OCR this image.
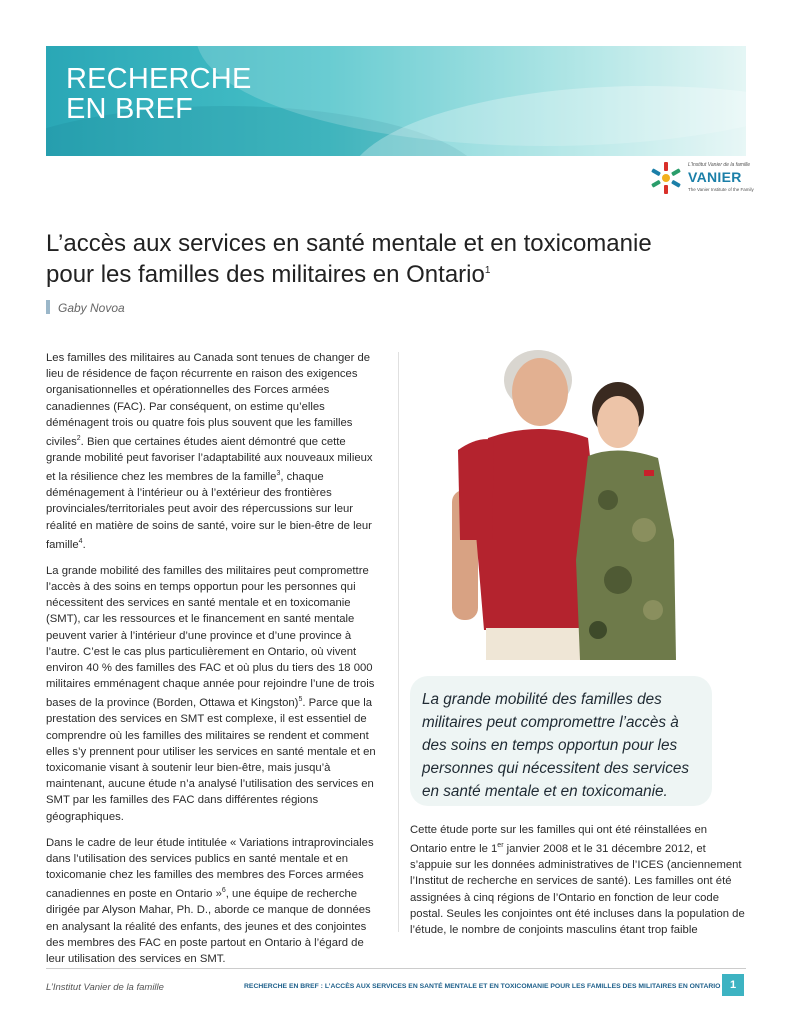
RECHERCHE
EN BREF
L’Institut Vanier de la famille
VANIER
The Vanier Institute of the Family
L’accès aux services en santé mentale et en toxicomanie
pour les familles des militaires en Ontario$^1$
Gaby Novoa

Les familles des militaires au Canada sont tenues de changer de lieu de résidence de façon récurrente en raison des exigences organisationnelles et opérationnelles des Forces armées canadiennes (FAC). Par conséquent, on estime qu’elles déménagent trois ou quatre fois plus souvent que les familles civiles$^2$. Bien que certaines études aient démontré que cette grande mobilité peut favoriser l’adaptabilité aux nouveaux milieux et la résilience chez les membres de la famille$^3$, chaque déménagement à l’intérieur ou à l’extérieur des frontières provinciales/territoriales peut avoir des répercussions sur leur réalité en matière de soins de santé, voire sur le bien-être de leur famille$^4$.

La grande mobilité des familles des militaires peut compromettre l’accès à des soins en temps opportun pour les personnes qui nécessitent des services en santé mentale et en toxicomanie (SMT), car les ressources et le financement en santé mentale peuvent varier à l’intérieur d’une province et d’une province à l’autre. C’est le cas plus particulièrement en Ontario, où vivent environ 40 % des familles des FAC et où plus du tiers des 18 000 militaires emménagent chaque année pour rejoindre l’une de trois bases de la province (Borden, Ottawa et Kingston)$^5$. Parce que la prestation des services en SMT est complexe, il est essentiel de comprendre où les familles des militaires se rendent et comment elles s’y prennent pour utiliser les services en santé mentale et en toxicomanie visant à soutenir leur bien-être, mais jusqu’à maintenant, aucune étude n’a analysé l’utilisation des services en SMT par les familles des FAC dans différentes régions géographiques.

Dans le cadre de leur étude intitulée « Variations intraprovinciales dans l’utilisation des services publics en santé mentale et en toxicomanie chez les familles des membres des Forces armées canadiennes en poste en Ontario »$^6$, une équipe de recherche dirigée par Alyson Mahar, Ph. D., aborde ce manque de données en analysant la réalité des enfants, des jeunes et des conjointes des membres des FAC en poste partout en Ontario à l’égard de leur utilisation des services en SMT.

La grande mobilité des familles des militaires peut compromettre l’accès à des soins en temps opportun pour les personnes qui nécessitent des services en santé mentale et en toxicomanie.

Cette étude porte sur les familles qui ont été réinstallées en Ontario entre le 1er janvier 2008 et le 31 décembre 2012, et s’appuie sur les données administratives de l’ICES (anciennement l’Institut de recherche en services de santé). Les familles ont été assignées à cinq régions de l’Ontario en fonction de leur code postal. Seules les conjointes ont été incluses dans la population de l’étude, le nombre de conjoints masculins étant trop faible

L’Institut Vanier de la famille	RECHERCHE EN BREF : L’ACCÈS AUX SERVICES EN SANTÉ MENTALE ET EN TOXICOMANIE POUR LES FAMILLES DES MILITAIRES EN ONTARIO 1
